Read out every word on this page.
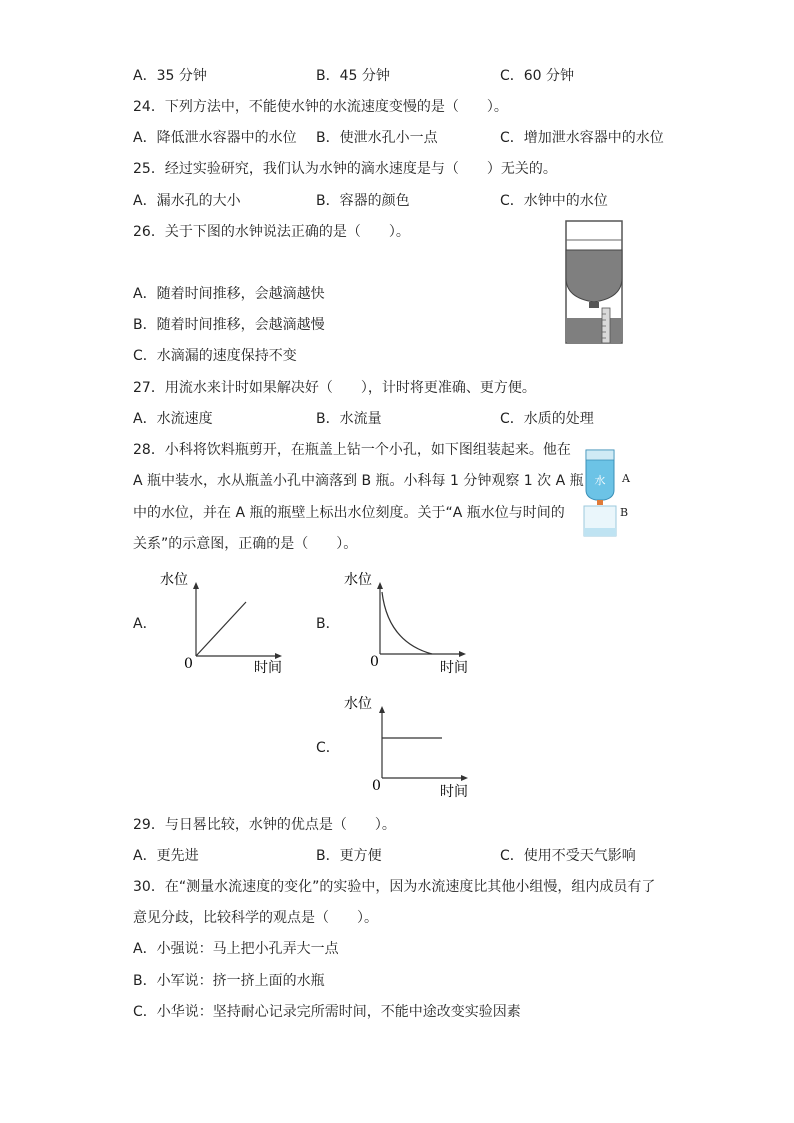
A．35 分钟	B．45 分钟	C．60 分钟
24．下列方法中，不能使水钟的水流速度变慢的是（　　）。
A．降低泄水容器中的水位 B．使泄水孔小一点	C．增加泄水容器中的水位
25．经过实验研究，我们认为水钟的滴水速度是与（　　）无关的。
A．漏水孔的大小	B．容器的颜色	C．水钟中的水位
26．关于下图的水钟说法正确的是（　　）。
A．随着时间推移，会越滴越快
B．随着时间推移，会越滴越慢
C．水滴漏的速度保持不变
27．用流水来计时如果解决好（　　），计时将更准确、更方便。
A．水流速度	B．水流量	C．水质的处理
28．小科将饮料瓶剪开，在瓶盖上钻一个小孔，如下图组装起来。他在
A 瓶中装水，水从瓶盖小孔中滴落到 B 瓶。小科每 1 分钟观察 1 次 A 瓶
中的水位，并在 A 瓶的瓶壁上标出水位刻度。关于“A 瓶水位与时间的
关系”的示意图，正确的是（　　）。
水 A
B
A．
水位
0	时间
B．
水位
0	时间
C．
水位
0	时间
29．与日晷比较，水钟的优点是（　　）。
A．更先进	B．更方便	C．使用不受天气影响
30．在“测量水流速度的变化”的实验中，因为水流速度比其他小组慢，组内成员有了
意见分歧，比较科学的观点是（　　）。
A．小强说：马上把小孔弄大一点
B．小军说：挤一挤上面的水瓶
C．小华说：坚持耐心记录完所需时间，不能中途改变实验因素
